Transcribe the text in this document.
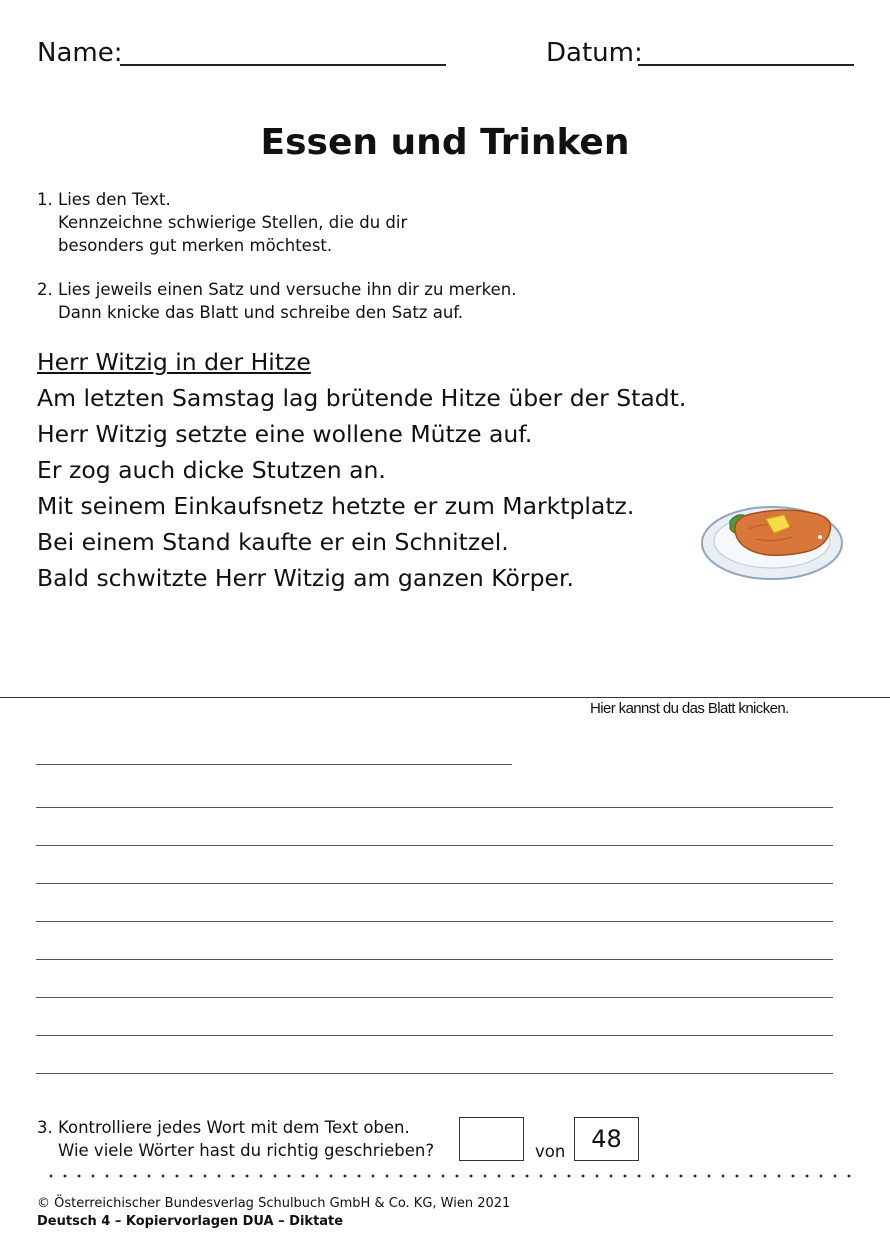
Name:	Datum:
Essen und Trinken
1. Lies den Text.
Kennzeichne schwierige Stellen, die du dir
besonders gut merken möchtest.
2. Lies jeweils einen Satz und versuche ihn dir zu merken.
Dann knicke das Blatt und schreibe den Satz auf.
Herr Witzig in der Hitze
Am letzten Samstag lag brütende Hitze über der Stadt.
Herr Witzig setzte eine wollene Mütze auf.
Er zog auch dicke Stutzen an.
Mit seinem Einkaufsnetz hetzte er zum Marktplatz.
Bei einem Stand kaufte er ein Schnitzel.
Bald schwitzte Herr Witzig am ganzen Körper.
Hier kannst du das Blatt knicken.
3. Kontrolliere jedes Wort mit dem Text oben.
Wie viele Wörter hast du richtig geschrieben?	von	48
© Österreichischer Bundesverlag Schulbuch GmbH & Co. KG, Wien 2021
Deutsch 4 – Kopiervorlagen DUA – Diktate
